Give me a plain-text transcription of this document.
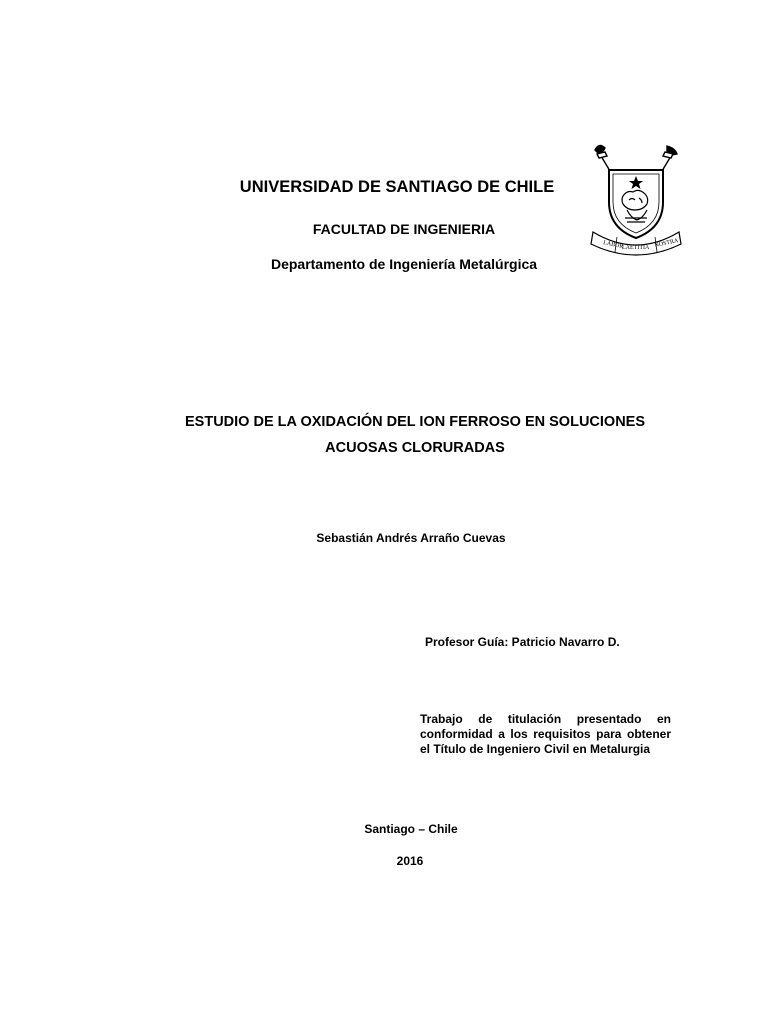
UNIVERSIDAD DE SANTIAGO DE CHILE
FACULTAD DE INGENIERIA
Departamento de Ingeniería Metalúrgica
LABOR
LAETITIA NOSTRA
ESTUDIO DE LA OXIDACIÓN DEL ION FERROSO EN SOLUCIONES
ACUOSAS CLORURADAS
Sebastián Andrés Arraño Cuevas
Profesor Guía: Patricio Navarro D.
Trabajo de titulación presentado en conformidad a los requisitos para obtener el Título de Ingeniero Civil en Metalurgia
Santiago – Chile
2016
